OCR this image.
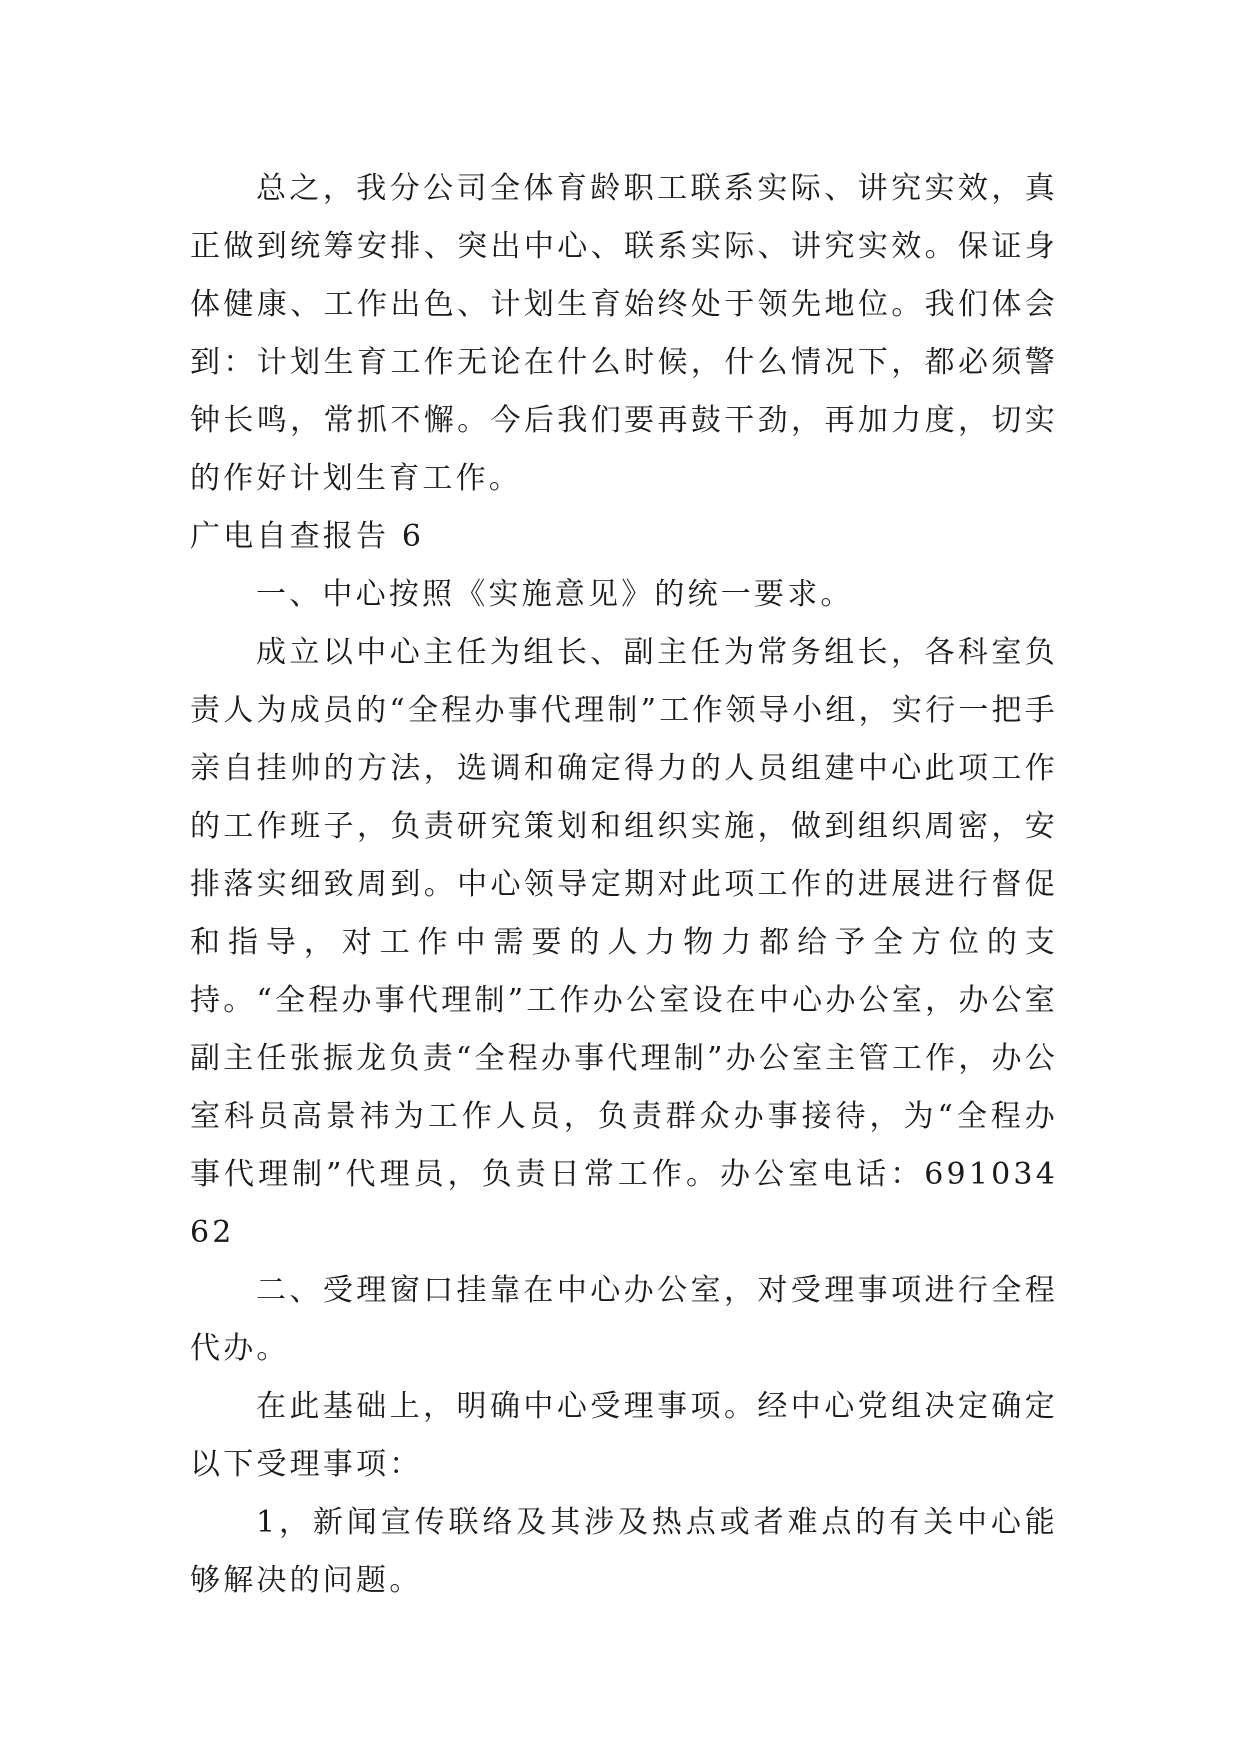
总之，我分公司全体育龄职工联系实际、讲究实效，真正做到统筹安排、突出中心、联系实际、讲究实效。保证身体健康、工作出色、计划生育始终处于领先地位。我们体会到：计划生育工作无论在什么时候，什么情况下，都必须警钟长鸣，常抓不懈。今后我们要再鼓干劲，再加力度，切实的作好计划生育工作。

广电自查报告 6

一、中心按照《实施意见》的统一要求。

成立以中心主任为组长、副主任为常务组长，各科室负责人为成员的“全程办事代理制”工作领导小组，实行一把手亲自挂帅的方法，选调和确定得力的人员组建中心此项工作的工作班子，负责研究策划和组织实施，做到组织周密，安排落实细致周到。中心领导定期对此项工作的进展进行督促和指导，对工作中需要的人力物力都给予全方位的支持。“全程办事代理制”工作办公室设在中心办公室，办公室副主任张振龙负责“全程办事代理制”办公室主管工作，办公室科员高景祎为工作人员，负责群众办事接待，为“全程办事代理制”代理员，负责日常工作。办公室电话：69103462

二、受理窗口挂靠在中心办公室，对受理事项进行全程代办。

在此基础上，明确中心受理事项。经中心党组决定确定以下受理事项：

1，新闻宣传联络及其涉及热点或者难点的有关中心能够解决的问题。
